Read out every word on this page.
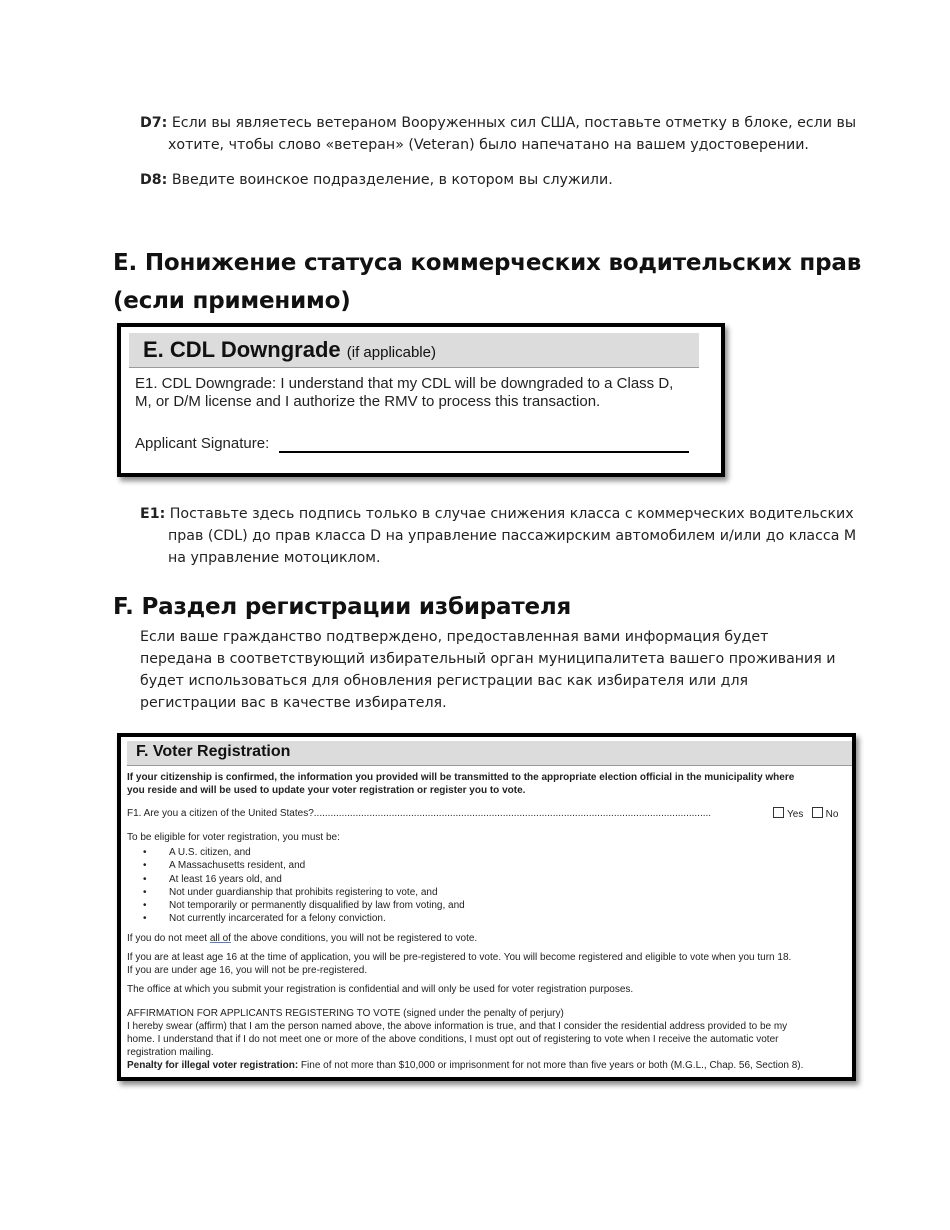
D7: Если вы являетесь ветераном Вооруженных сил США, поставьте отметку в блоке, если вы хотите, чтобы слово «ветеран» (Veteran) было напечатано на вашем удостоверении.
D8: Введите воинское подразделение, в котором вы служили.
E. Понижение статуса коммерческих водительских прав
(если применимо)
E. CDL Downgrade (if applicable)
E1. CDL Downgrade: I understand that my CDL will be downgraded to a Class D,
M, or D/M license and I authorize the RMV to process this transaction.
Applicant Signature:
E1: Поставьте здесь подпись только в случае снижения класса с коммерческих водительских прав (CDL) до прав класса D на управление пассажирским автомобилем и/или до класса M на управление мотоциклом.
F. Раздел регистрации избирателя
Если ваше гражданство подтверждено, предоставленная вами информация будет передана в соответствующий избирательный орган муниципалитета вашего проживания и будет использоваться для обновления регистрации вас как избирателя или для регистрации вас в качестве избирателя.
F. Voter Registration
If your citizenship is confirmed, the information you provided will be transmitted to the appropriate election official in the municipality where
you reside and will be used to update your voter registration or register you to vote.
F1. Are you a citizen of the United States?...............................................................................................................................................	Yes No
To be eligible for voter registration, you must be:
• A U.S. citizen, and
• A Massachusetts resident, and
• At least 16 years old, and
• Not under guardianship that prohibits registering to vote, and
• Not temporarily or permanently disqualified by law from voting, and
• Not currently incarcerated for a felony conviction.
If you do not meet all of the above conditions, you will not be registered to vote.
If you are at least age 16 at the time of application, you will be pre-registered to vote. You will become registered and eligible to vote when you turn 18.
If you are under age 16, you will not be pre-registered.
The office at which you submit your registration is confidential and will only be used for voter registration purposes.
AFFIRMATION FOR APPLICANTS REGISTERING TO VOTE (signed under the penalty of perjury)
I hereby swear (affirm) that I am the person named above, the above information is true, and that I consider the residential address provided to be my
home. I understand that if I do not meet one or more of the above conditions, I must opt out of registering to vote when I receive the automatic voter
registration mailing.
Penalty for illegal voter registration: Fine of not more than $10,000 or imprisonment for not more than five years or both (M.G.L., Chap. 56, Section 8).
